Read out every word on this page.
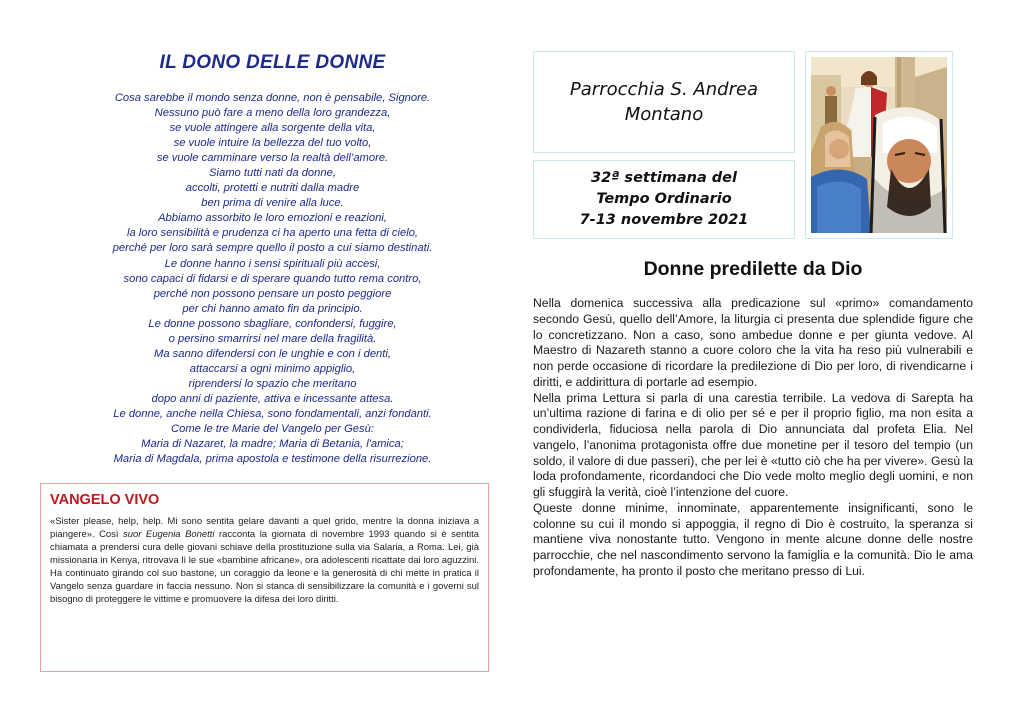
IL DONO DELLE DONNE
Cosa sarebbe il mondo senza donne, non è pensabile, Signore.
Nessuno può fare a meno della loro grandezza,
se vuole attingere alla sorgente della vita,
se vuole intuire la bellezza del tuo volto,
se vuole camminare verso la realtà dell’amore.
Siamo tutti nati da donne,
accolti, protetti e nutriti dalla madre
ben prima di venire alla luce.
Abbiamo assorbito le loro emozioni e reazioni,
la loro sensibilità e prudenza ci ha aperto una fetta di cielo,
perché per loro sarà sempre quello il posto a cui siamo destinati.
Le donne hanno i sensi spirituali più accesi,
sono capaci di fidarsi e di sperare quando tutto rema contro,
perché non possono pensare un posto peggiore
per chi hanno amato fin da principio.
Le donne possono sbagliare, confondersi, fuggire,
o persino smarrirsi nel mare della fragilità.
Ma sanno difendersi con le unghie e con i denti,
attaccarsi a ogni minimo appiglio,
riprendersi lo spazio che meritano
dopo anni di paziente, attiva e incessante attesa.
Le donne, anche nella Chiesa, sono fondamentali, anzi fondanti.
Come le tre Marie del Vangelo per Gesù:
Maria di Nazaret, la madre; Maria di Betania, l'amica;
Maria di Magdala, prima apostola e testimone della risurrezione.
VANGELO VIVO
«Sister please, help, help. Mi sono sentita gelare davanti a quel grido, mentre la donna iniziava a piangere». Così suor Eugenia Bonetti racconta la giornata di novembre 1993 quando si è sentita chiamata a prendersi cura delle giovani schiave della prostituzione sulla via Salaria, a Roma. Lei, già missionaria in Kenya, ritrovava lì le sue «bambine africane», ora adolescenti ricattate dai loro aguzzini. Ha continuato girando col suo bastone, un coraggio da leone e la generosità di chi mette in pratica il Vangelo senza guardare in faccia nessuno. Non si stanca di sensibilizzare la comunità e i governi sul bisogno di proteggere le vittime e promuovere la difesa dei loro diritti.
Parrocchia S. Andrea
Montano
32ª settimana del
Tempo Ordinario
7-13 novembre 2021
Donne predilette da Dio

Nella domenica successiva alla predicazione sul «primo» comandamento secondo Gesù, quello dell’Amore, la liturgia ci presenta due splendide figure che lo concretizzano. Non a caso, sono ambedue donne e per giunta vedove. Al Maestro di Nazareth stanno a cuore coloro che la vita ha reso più vulnerabili e non perde occasione di ricordare la predilezione di Dio per loro, di rivendicarne i diritti, e addirittura di portarle ad esempio.

Nella prima Lettura si parla di una carestia terribile. La vedova di Sarepta ha un’ultima razione di farina e di olio per sé e per il proprio figlio, ma non esita a condividerla, fiduciosa nella parola di Dio annunciata dal profeta Elia. Nel vangelo, l’anonima protagonista offre due monetine per il tesoro del tempio (un soldo, il valore di due passeri), che per lei è «tutto ciò che ha per vivere». Gesù la loda profondamente, ricordandoci che Dio vede molto meglio degli uomini, e non gli sfuggirà la verità, cioè l’intenzione del cuore.

Queste donne minime, innominate, apparentemente insignificanti, sono le colonne su cui il mondo si appoggia, il regno di Dio è costruito, la speranza si mantiene viva nonostante tutto. Vengono in mente alcune donne delle nostre parrocchie, che nel nascondimento servono la famiglia e la comunità. Dio le ama profondamente, ha pronto il posto che meritano presso di Lui.
